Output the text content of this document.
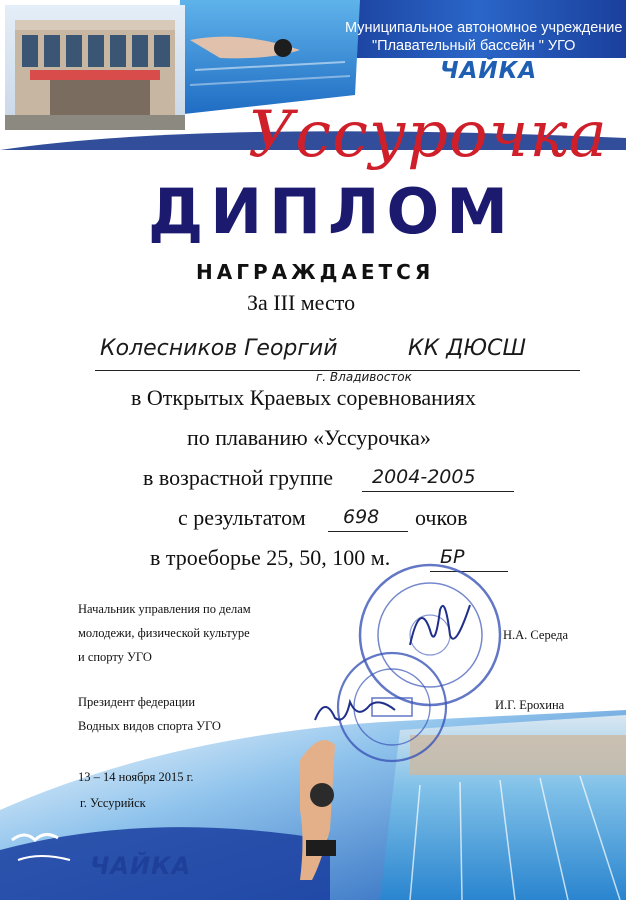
Муниципальное автономное учреждение
"Плавательный бассейн " УГО
ЧАЙКА
Уссурочка
ДИПЛОМ
НАГРАЖДАЕТСЯ
За III место
Колесников Георгий	КК ДЮСШ
г. Владивосток
в Открытых Краевых соревнованиях
по плаванию «Уссурочка»
в возрастной группе 2004-2005
с результатом 698 очков
в троеборье 25, 50, 100 м.	БР
Начальник управления по делам
молодежи, физической культуре
и спорту УГО
Н.А. Середа
Президент федерации
Водных видов спорта УГО
И.Г. Ерохина
ЧАЙКА
13 – 14 ноября 2015 г.
г. Уссурийск
